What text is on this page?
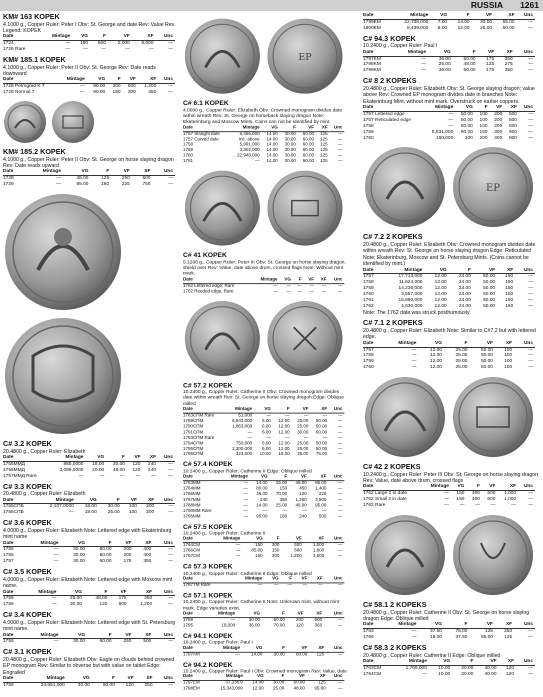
RUSSIA 1261
KM# 163 KOPEK
4.1000 g., Copper Ruler: Peter I Obv: St. George and date Rev: Value Rev. Legend: KOPEK
Date	Mintage	VG	F	VF	XF	Unc
1724	—	180	500	2,000	6,000	—
1726 Rare	—	—	—	—	—	—
KM# 185.1 KOPEK
4.1000 g., Copper Ruler: Peter II Obv: St. George Rev: Date reads downward
Date	Mintage	VG	F	VF	XF	Unc
1728 Petrograd K 7	—	90.00	300	600	1,200	—
1728 Normal 7	—	90.00	180	300	450	—
KM# 185.2 KOPEK
4.1000 g., Copper Ruler: Peter II Obv: St. George on horse slaying dragon Rev: Date reads upward
Date	Mintage	VG	F	VF	XF	Unc
1728	—	48.00	125	250	500	—
1729	—	85.00	160	325	750	—
C# 3.2 KOPEK
20.4800 g., Copper Ruler: Elizabeth
Date	Mintage	VG	F	VF	XF	Unc
1755MMД	885,0000	18.00	30.00	120	240	—
1756MMД	3,089,0000	20.00	48.00	120	240	—
1757MMД Rare	—	—	—	—	—	—
C# 3.3 KOPEK
20.4800 g., Copper Ruler: Elizabeth
Date	Mintage	VG	F	VF	XF	Unc
1755CПБ	2,107,0000	18.00	30.00	100	200	—
1756CПБ	—	18.00	25.00	100	200	—
C# 3.6 KOPEK
4.0000 g., Copper Ruler: Elizabeth Note: Lettered edge with Ekaterinburg mint name
Date	Mintage	VG	F	VF	XF	Unc
1755	—	30.00	60.00	200	400	—
1756	—	30.00	60.00	200	400	—
1757	—	30.00	60.00	175	350	—
C# 3.5 KOPEK
4.0000 g., Copper Ruler: Elizabeth Note: Lettered edge with Moscow mint name.
Date	Mintage	VG	F	VF	XF	Unc
1755	—	25.00	48.00	175	350	—
1756	—	30.00	120	600	1,200	—
C# 3.4 KOPEK
4.0000 g., Copper Ruler: Elizabeth Note: Lettered edge with St. Petersburg mint name.
Date	Mintage	VG	F	VF	XF	Unc
1755	—	30.00	60.00	250	500	—
C# 3.1 KOPEK
20.4800 g., Copper Ruler: Elizabeth Obv: Eagle on clouds behind crowned EP monogram Rev: Similar to obverse but with value on tablet Edge: Engrailed
Date	Mintage	VG	F	VF	XF	Unc
1756	24,651,000	30.00	60.00	120	250	—
EP
C# 6.1 KOPEK
4.0000 g., Copper Ruler: Elizabeth Obv: Crowned monogram divides date within wreath Rev: St. George on horseback slaying dragon Note: Ekaterinburg and Moscow Mints. Coins can not be identified by mint.
Date	Mintage	VG	F	VF	XF	Unc
1757 Straight date	6,455,000	14.00	30.00	60.00	125	—
1757 Curved date	Inc. above	14.00	30.00	60.00	125	—
1758	5,991,000	14.00	30.00	60.00	125	—
1759	3,302,000	14.00	30.00	60.00	125	—
1760	22,948,000	14.00	30.00	60.00	125	—
1761	—	14.00	30.00	60.00	125	—
C# 41 KOPEK
5.1200 g., Copper Ruler: Peter III Obv: St. George on horse slaying dragon, shield over Rev: Value, date above drum, crossed flags Note: Without mint mark.
Date	Mintage	VG	F	VF	XF	Unc
1762 Lettered edge; Rare	—	—	—	—	—	—
1762 Reeded edge; Rare	—	—	—	—	—	—
C# 57.2 KOPEK
10.2400 g., Copper Ruler: Catherine II Obv: Crowned monogram divides date within wreath Rev: St. George on horse slaying dragon Edge: Oblique milled
Date	Mintage	VG	F	VF	XF	Unc
1763CПМ Rare	51,000	—	—	—	—	—
1789CПМ	6,943,000	6.00	12.00	25.00	50.00	—
1790CПМ	1,863,000	6.00	12.00	25.00	50.00	—
1791CПМ	—	6.00	12.00	30.00	60.00	—
1793CПМ Rare	—	—	—	—	—	—
1794CПМ	750,000	6.00	12.00	25.00	50.00	—
1795CПМ	2,300,000	6.00	12.00	25.00	50.00	—
1796CПМ	323,000	10.00	18.00	35.00	75.00	—
C# 57.4 KOPEK
10.2400 g., Copper Ruler: Catherine II Edge: Oblique milled
Date	Mintage	VG	F	VF	XF	Unc
1763MM	—	14.00	25.00	48.00	95.00	—
1764MM	—	80.00	150	450	1,400	—
1766MM	—	36.00	70.00	120	220	—
1767MM	—	240	350	1,200	3,500	—
1788MM	—	14.00	25.00	46.00	95.00	—
1790MM Rare	—	—	—	—	—	—
1795MM	—	95.00	180	240	500	—
C# 57.5 KOPEK
10.2400 g., Copper Ruler: Catherine II
Date	Mintage	VG	F	VF	XF	Unc
1764CM	—	150	300	500	1,500	—
1766CM	—	85.00	150	600	1,800	—
1767CM	—	150	300	1,200	3,500	—
C# 57.3 KOPEK
10.2400 g., Copper Ruler: Catherine II Edge: Oblique milled
Date	Mintage	VG	F	VF	XF	Unc
1787TM Rare	—	—	—	—	—	—
C# 57.1 KOPEK
10.2400 g., Copper Ruler: Catherine II Note: Unknown mint, without mint mark. Edge varieties exist.
Date	Mintage	VG	F	VF	XF	Unc
1788	—	30.00	60.00	200	600	—
1795	10,000	36.00	70.00	120	360	—
C# 94.1 KOPEK
10.2400 g., Copper Ruler: Paul I
Date	Mintage	VG	F	VF	XF	Unc
1797AM	—	14.00	30.00	60.00	125	—
C# 94.2 KOPEK
10.2400 g., Copper Ruler: Paul I Obv: Crowned monogram Rev: Value, date
Date	Mintage	VG	F	VF	XF	Unc
1797EM	37,338.0	14.00	30.00	60.00	125	—
1798EM	15,343,000	12.00	25.00	48.00	95.00	—
Date	Mintage	VG	F	VF	XF	Unc
1799EM	22,738,000	7.00	14.00	30.00	55.00	—
1800EM	8,439,000	6.00	12.00	25.00	50.00	—
C# 94.3 KOPEK
10.2400 g., Copper Ruler: Paul I
Date	Mintage	VG	F	VF	XF	Unc
1797KM	—	36.00	60.00	175	350	—
1798KM	—	25.00	48.00	125	275	—
1799KM	—	36.00	60.00	175	350	—
C# 8 2 KOPEKS
20.4800 g., Copper Ruler: Elizabeth Obv: St. George slaying dragon; value above Rev: Crowned EP monogram divides date in branches Note: Ekaterinburg Mint, without mint mark. Overstruck on earlier coppers.
Date	Mintage	VG	F	VF	XF	Unc
1757 Lettered edge	—	50.00	100	200	500	—
1757 Reticulated edge	—	50.00	100	200	500	—
1758	—	50.00	100	200	500	—
1759	5,831,000	60.00	150	300	600	—
1760	160,000	100	200	400	800	—
EP
C# 7.2 2 KOPEKS
20.4800 g., Copper Ruler: Elizabeth Obv: Crowned monogram divides date within wreath Rev: St. George on horse slaying dragon Edge: Reticulated Note: Ekaterinburg, Moscow and St. Petersburg Mints. (Coins cannot be identified by mint.)
Date	Mintage	VG	F	VF	XF	Unc
1757	17,713,000	12.00	24.00	50.00	150	—
1758	11,624,000	12.00	24.00	50.00	150	—
1759	14,236,000	12.00	24.00	50.00	150	—
1760	3,557,000	12.00	24.00	50.00	150	—
1761	15,860,000	12.00	24.00	50.00	150	—
1762	4,630,000	12.00	24.00	50.00	150	—
Note: The 1762 date was struck posthumously
C# 7.1 2 KOPEKS
20.4800 g., Copper Ruler: Elizabeth Note: Similar to C#7.2 but with lettered edge.
Date	Mintage	VG	F	VF	XF	Unc
1757	—	12.00	25.00	50.00	100	—
1758	—	12.00	25.00	50.00	100	—
1759	—	12.00	25.00	50.00	100	—
1760	—	12.00	25.00	50.00	100	—
C# 42 2 KOPEKS
10.2400 g., Copper Ruler: Peter III Obv: St. George on horse slaying dragon Rev: Value, date above drum, crossed flags
Date	Mintage	VG	F	VF	XF	Unc
1762 Large 2 in date	—	150	300	600	1,000	—
1762 Small 2 in date	—	150	300	600	1,000	—
1762 Rare	—	—	—	—	—	—
C# 58.1 2 KOPEKS
20.4800 g., Copper Ruler: Catherine II Obv: St. George on horse slaying dragon Edge: Oblique milled
Date	Mintage	VG	F	VF	XF	Unc
1763	—	37.50	75.00	125	250	—
1766	—	19.00	37.50	65.00	125	—
C# 58.3 2 KOPEKS
20.4800 g., Copper Ruler: Catherine II Edge: Oblique milled
Date	Mintage	VG	F	VF	XF	Unc
1763CM	1,765,000	10.00	20.00	40.00	120	—
1764CM	—	10.00	20.00	40.00	120	—
